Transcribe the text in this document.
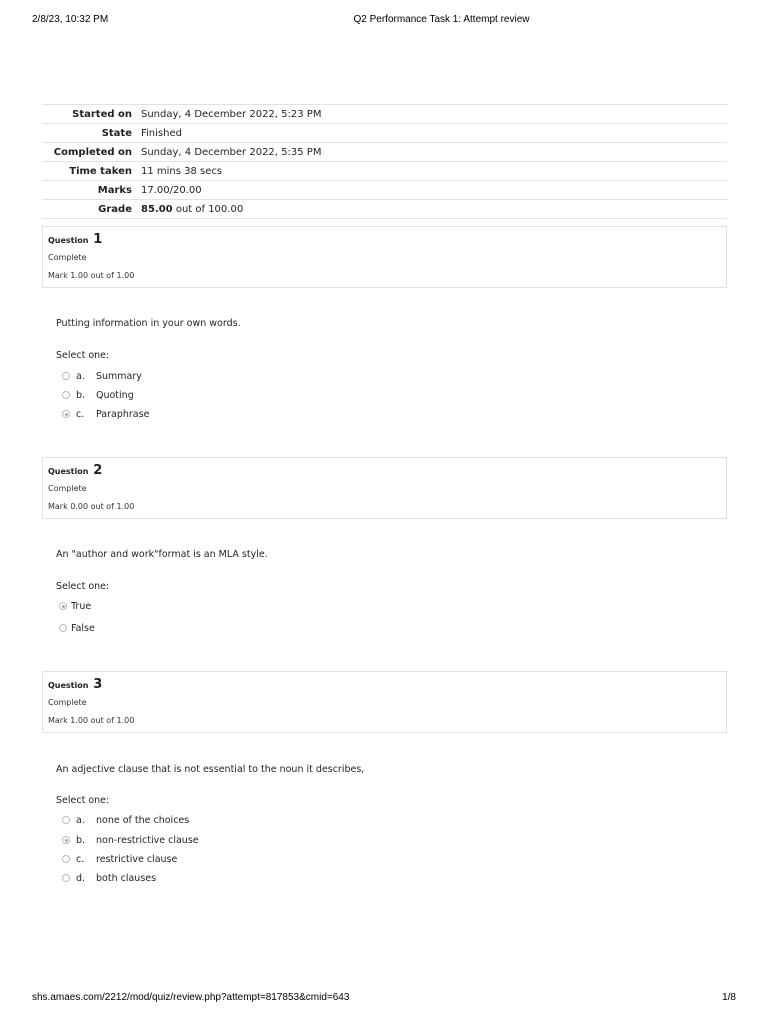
2/8/23, 10:32 PM	Q2 Performance Task 1: Attempt review
Started on Sunday, 4 December 2022, 5:23 PM
State Finished
Completed on Sunday, 4 December 2022, 5:35 PM
Time taken 11 mins 38 secs
Marks 17.00/20.00
Grade 85.00 out of 100.00
Question 1
Complete
Mark 1.00 out of 1.00
Putting information in your own words.
Select one:
a.	Summary
b.	Quoting
c.	Paraphrase
Question 2
Complete
Mark 0.00 out of 1.00
An "author and work"format is an MLA style.
Select one:
True
False
Question 3
Complete
Mark 1.00 out of 1.00
An adjective clause that is not essential to the noun it describes,
Select one:
a.	none of the choices
b.	non-restrictive clause
c.	restrictive clause
d.	both clauses
shs.amaes.com/2212/mod/quiz/review.php?attempt=817853&cmid=643	1/8
